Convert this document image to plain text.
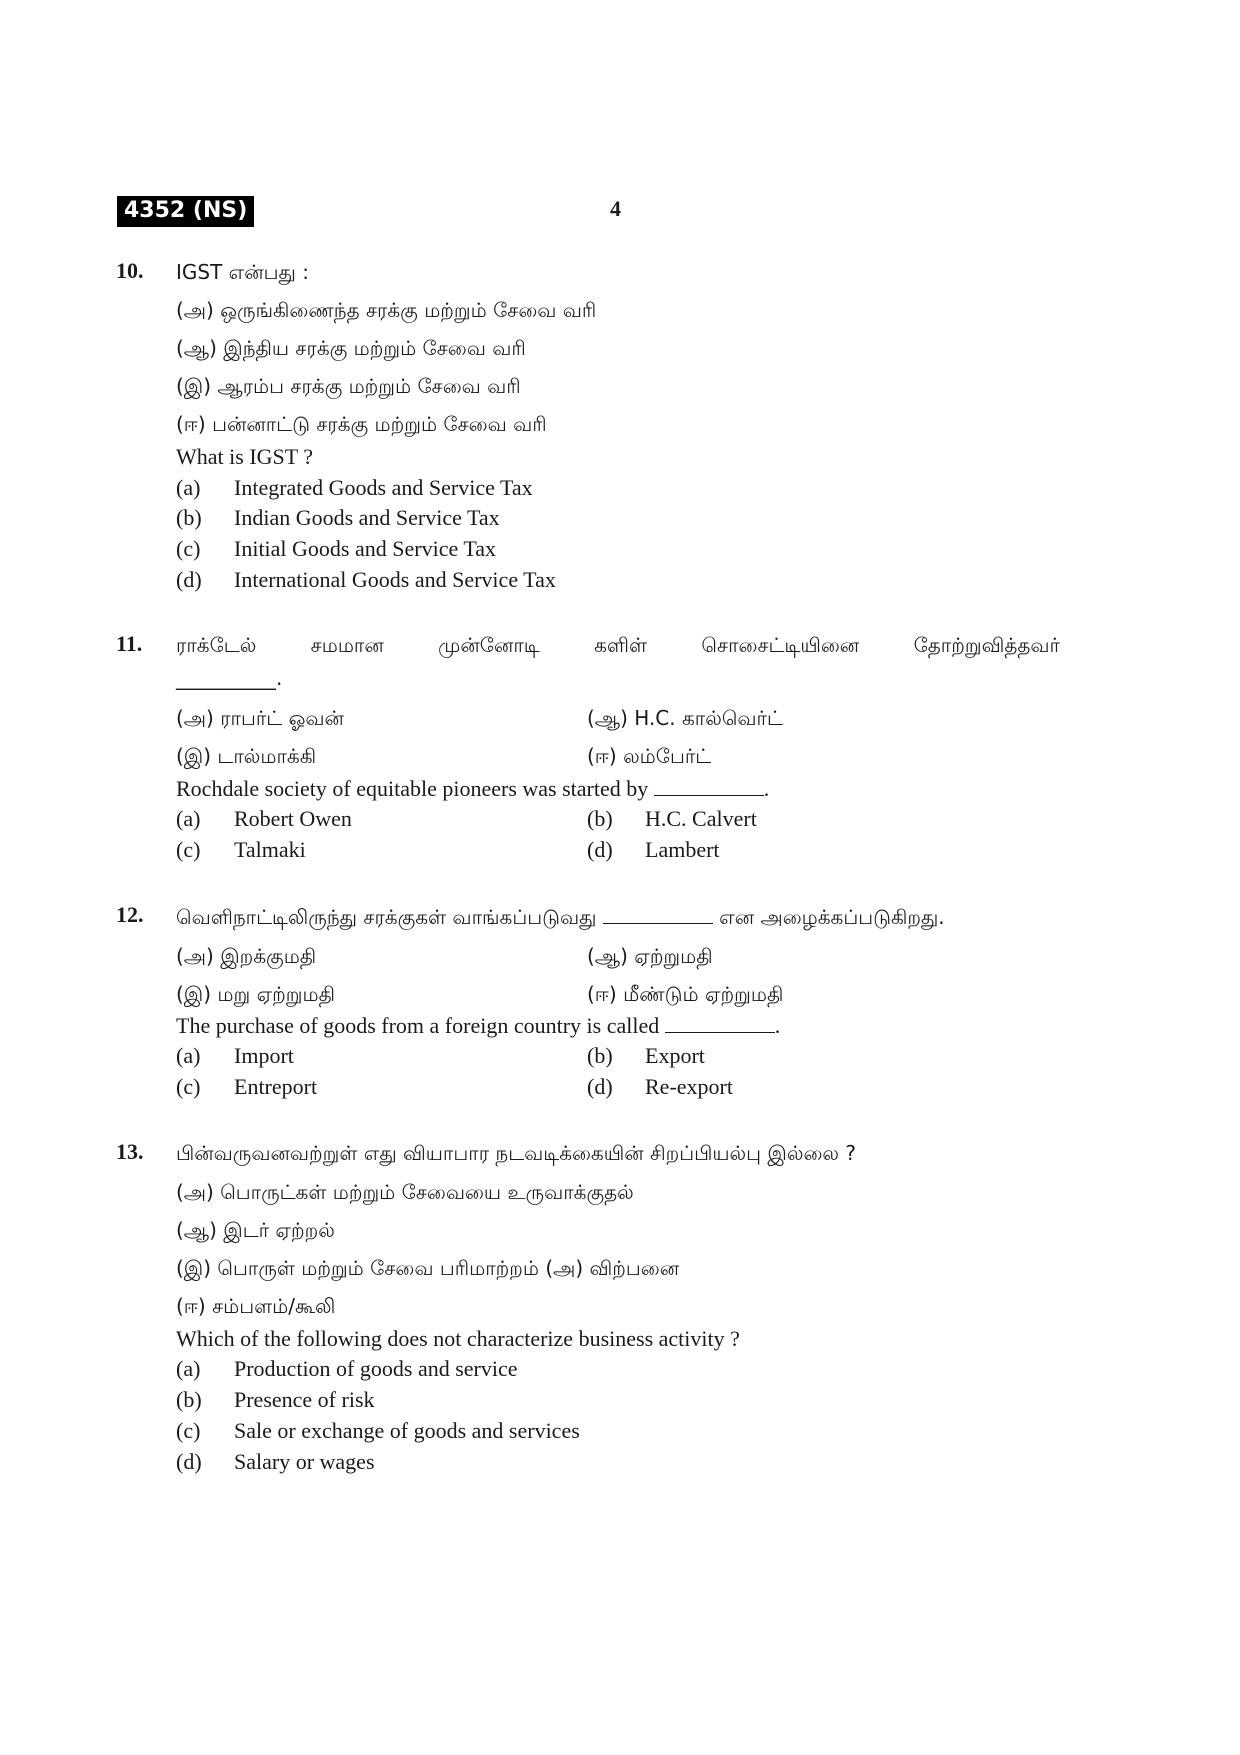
4352 (NS)	4
10. IGST என்பது :
(அ) ஒருங்கிணைந்த சரக்கு மற்றும் சேவை வரி
(ஆ) இந்திய சரக்கு மற்றும் சேவை வரி
(இ) ஆரம்ப சரக்கு மற்றும் சேவை வரி
(ஈ) பன்னாட்டு சரக்கு மற்றும் சேவை வரி
What is IGST ?
(a) Integrated Goods and Service Tax
(b) Indian Goods and Service Tax
(c) Initial Goods and Service Tax
(d) International Goods and Service Tax
11. ராக்டேல்	சமமான	முன்னோடி	களிள்	சொசைட்டியினை	தோற்றுவித்தவர்
__________.
(அ) ராபர்ட் ஓவன்	(ஆ) H.C. கால்வெர்ட்
(இ) டால்மாக்கி	(ஈ) லம்பேர்ட்
Rochdale society of equitable pioneers was started by	.
(a) Robert Owen	(b) H.C. Calvert
(c) Talmaki	(d) Lambert
12. வெளிநாட்டிலிருந்து சரக்குகள் வாங்கப்படுவது	என அழைக்கப்படுகிறது.
(அ) இறக்குமதி	(ஆ) ஏற்றுமதி
(இ) மறு ஏற்றுமதி	(ஈ) மீண்டும் ஏற்றுமதி
The purchase of goods from a foreign country is called	.
(a) Import	(b) Export
(c) Entreport	(d) Re-export
13. பின்வருவனவற்றுள் எது வியாபார நடவடிக்கையின் சிறப்பியல்பு இல்லை ?
(அ) பொருட்கள் மற்றும் சேவையை உருவாக்குதல்
(ஆ) இடர் ஏற்றல்
(இ) பொருள் மற்றும் சேவை பரிமாற்றம் (அ) விற்பனை
(ஈ) சம்பளம்/கூலி
Which of the following does not characterize business activity ?
(a) Production of goods and service
(b) Presence of risk
(c) Sale or exchange of goods and services
(d) Salary or wages
